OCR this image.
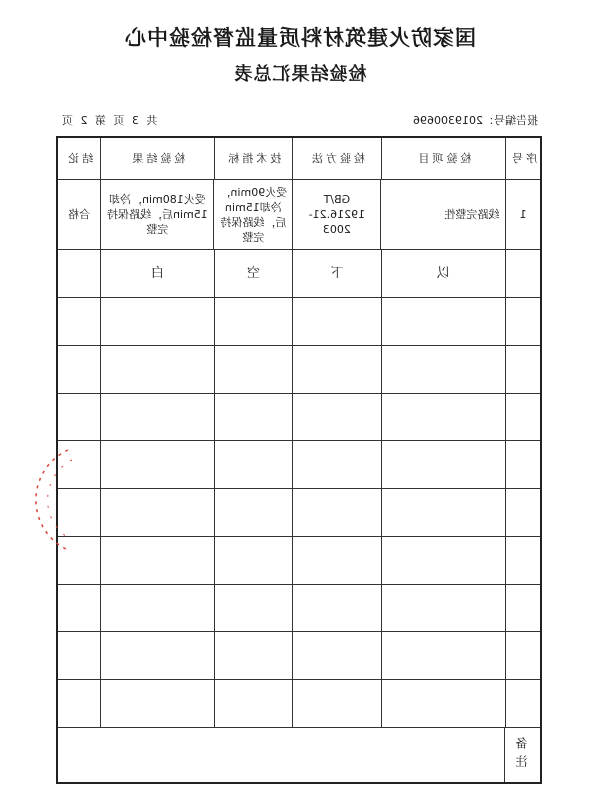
国家防火建筑材料质量监督检验中心
检验结果汇总表
报告编号：2019300696
共 3 页 第 2 页
序号
检验项目
检验方法
技术指标
检验结果
结论
1
线路完整性
GB/T 19216.21-2003
受火90min，冷却15min后，线路保持完整
受火180min，冷却15min后，线路保持完整
合格
以
下
空
白
备注
